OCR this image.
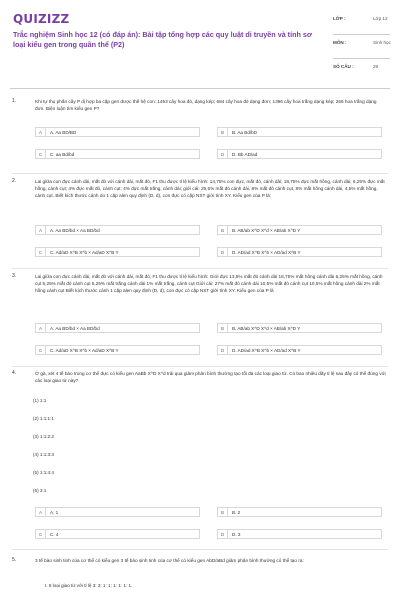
QUIZIZZ
Trắc nghiệm Sinh học 12 (có đáp án): Bài tập tổng hợp các quy luật di truyền và tính sơ loại kiểu gen trong quần thể (P2)
LỚP :	Lớp 12
MÔN :	Sinh học
SỐ CÂU :	29
1.	Khi tự thụ phấn cây P dị hợp ba cặp gen được thế hệ con: 1453 cây hoa đỏ, dạng kép; 684 cây hoa đỏ dạng đơn; 1396 cây hoa trắng dạng kép; 266 hoa trắng dạng đơn. Biện luận tìm kiểu gen P?
A	A. Aa BD/BD	B	B. Aa Bd/bD
C	C. aa Bd/bd	D	D. Bb AD/ad
2.	Lai giữa con đực cánh dài, mắt đỏ với cánh dài, mắt đỏ, F1 thu được tỉ lệ kiểu hình: 14,75% con đực, mắt đỏ, cánh dài; 18,75% đực mắt hồng, cánh dài; 6,25% đực mắt hồng, cánh cụt; 4% đực mắt đỏ, cánh cụt; 4% đực mắt trắng, cánh dài; giới cái: 29,5% mắt đỏ cánh dài, 8% mắt đỏ cánh cụt, 8% mắt hồng cánh dài, 4,5% mắt hồng, cánh cụt. Biết kích thước cánh do 1 cặp alen quy định (D, d), con đực có cặp NST giới tính XY. Kiểu gen của P là:
A	A. Aa BD/bd × Aa BD/bd	B	B. AB/ab X^D X^d × AB/ab X^D Y
C	C. Ad/aD X^B X^b × Ad/aD X^B Y	D	D. AD/ad X^B X^b × AD/ad X^B Y
3.	Lai giữa con đực cánh dài, mắt đỏ với cánh dài, mắt đỏ, F1 thu được tỉ lệ kiểu hình: Giới đực 13,5% mắt đỏ cánh dài 18,75% mắt hồng cánh dài 6,25% mắt hồng, cánh cụt 5,25% mắt đỏ cánh cụt 5,25% mắt trắng cánh dài 1% mắt trắng, cánh cụt Giới cái: 27% mắt đỏ cánh dài 10,5% mắt đỏ cánh cụt 10,5% mắt hồng cánh dài 2% mắt hồng cánh cụt Biết kích thước cánh 1 cặp alen quy định (D, d), con đực có cặp NST giới tính XY. Kiểu gen của P là
A	A. Aa BD/bd × Aa BD/bd	B	B. AB/ab X^D X^d × AB/ab X^D Y
C	C. Ad/aD X^B X^b × Ad/aD X^B Y	D	D. AD/ad X^B X^b × AD/ad X^B Y
4.	Ở gà, xét 4 tế bào trong cơ thể đực có kiểu gen AaBb X^D X^d trải qua giảm phân bình thường tạo tối đa các loại giao tử. Có bao nhiêu dãy tỉ lệ sau đây có thể đúng với các loại giao tử này?
(1) 1:1
(2) 1:1:1:1
(3) 1:1:2:2
(4) 1:1:3:3
(5) 1:1:4:4
(6) 3:1
A	A. 1	B	B. 2
C	C. 4	D	D. 3
5.	3 tế bào sinh tinh của cơ thể có kiểu gen 3 tế bào sinh tinh của cơ thể có kiểu gen AbD/aBd giảm phân bình thường có thể tạo ra:
I. 8 loại giao tử với tỉ lệ 3: 3: 1: 1: 1: 1: 1: 1.
